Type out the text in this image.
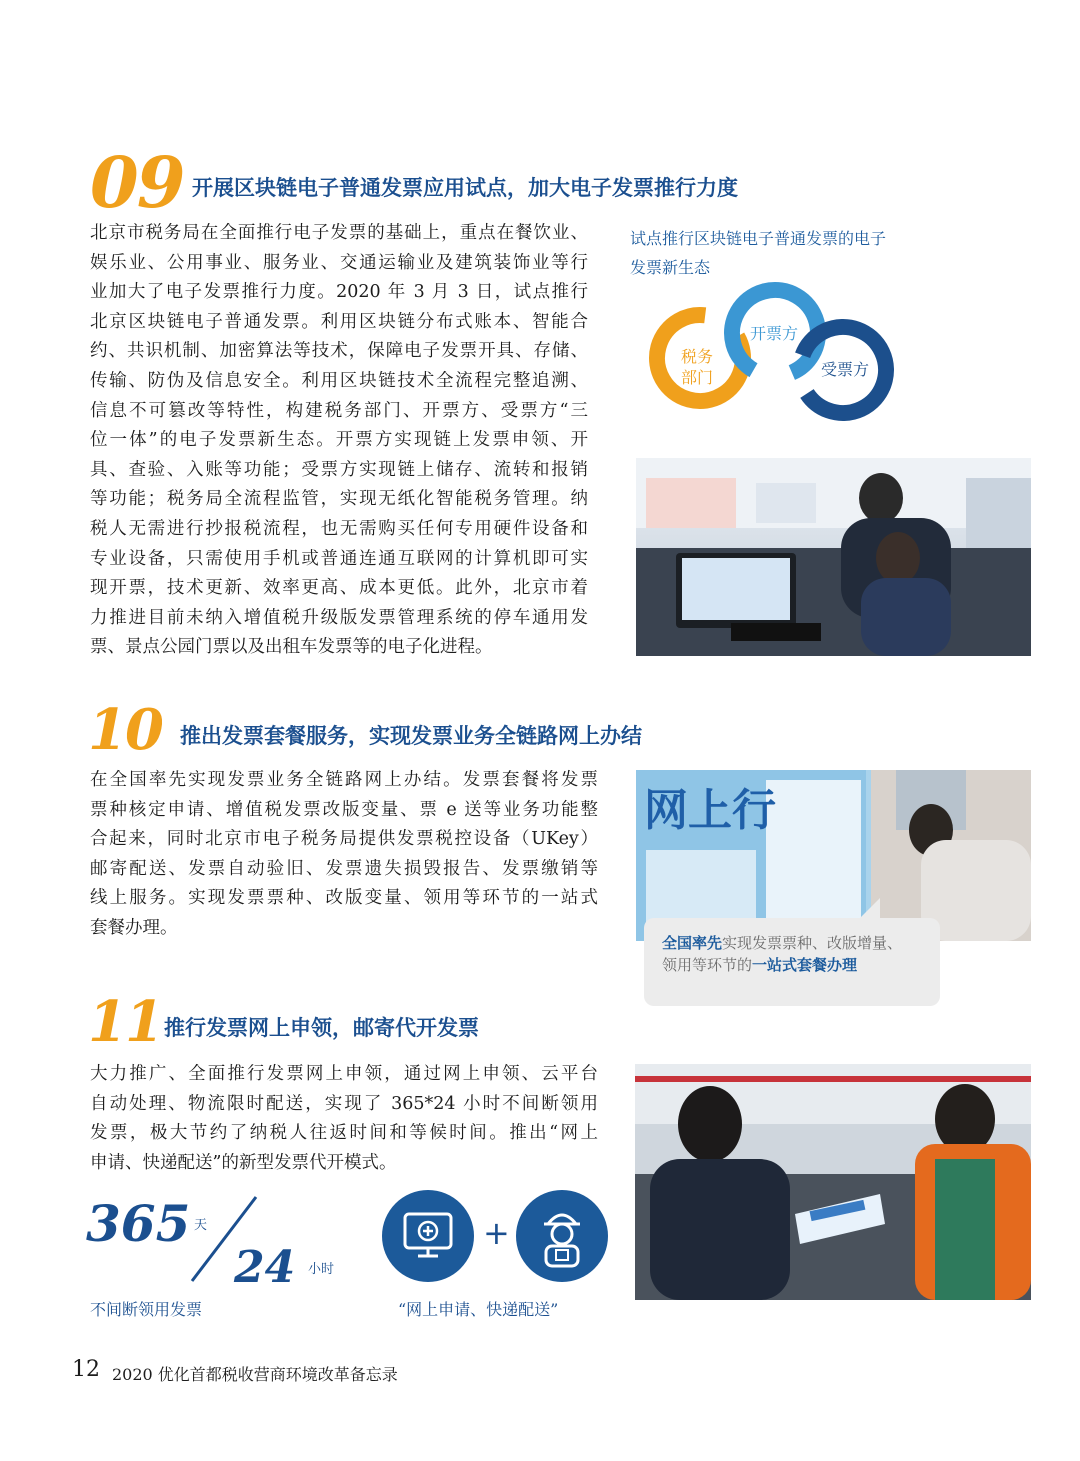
09 开展区块链电子普通发票应用试点，加大电子发票推行力度
北京市税务局在全面推行电子发票的基础上，重点在餐饮业、
娱乐业、公用事业、服务业、交通运输业及建筑装饰业等行
业加大了电子发票推行力度。2020 年 3 月 3 日，试点推行
北京区块链电子普通发票。利用区块链分布式账本、智能合
约、共识机制、加密算法等技术，保障电子发票开具、存储、
传输、防伪及信息安全。利用区块链技术全流程完整追溯、
信息不可篡改等特性，构建税务部门、开票方、受票方“三
位一体”的电子发票新生态。开票方实现链上发票申领、开
具、查验、入账等功能；受票方实现链上储存、流转和报销
等功能；税务局全流程监管，实现无纸化智能税务管理。纳
税人无需进行抄报税流程，也无需购买任何专用硬件设备和
专业设备，只需使用手机或普通连通互联网的计算机即可实
现开票，技术更新、效率更高、成本更低。此外，北京市着
力推进目前未纳入增值税升级版发票管理系统的停车通用发
票、景点公园门票以及出租车发票等的电子化进程。
试点推行区块链电子普通发票的电子
发票新生态
税务
部门
开票方
受票方
10 推出发票套餐服务，实现发票业务全链路网上办结
在全国率先实现发票业务全链路网上办结。发票套餐将发票
票种核定申请、增值税发票改版变量、票 e 送等业务功能整
合起来，同时北京市电子税务局提供发票税控设备（UKey）
邮寄配送、发票自动验旧、发票遗失损毁报告、发票缴销等
线上服务。实现发票票种、改版变量、领用等环节的一站式
套餐办理。
网上行
全国率先实现发票票种、改版增量、
领用等环节的一站式套餐办理
11 推行发票网上申领，邮寄代开发票
大力推广、全面推行发票网上申领，通过网上申领、云平台
自动处理、物流限时配送，实现了 365*24 小时不间断领用
发票，极大节约了纳税人往返时间和等候时间。推出“网上
申请、快递配送”的新型发票代开模式。
365 天
24 小时
不间断领用发票
+
“网上申请、快递配送”
12 2020 优化首都税收营商环境改革备忘录
